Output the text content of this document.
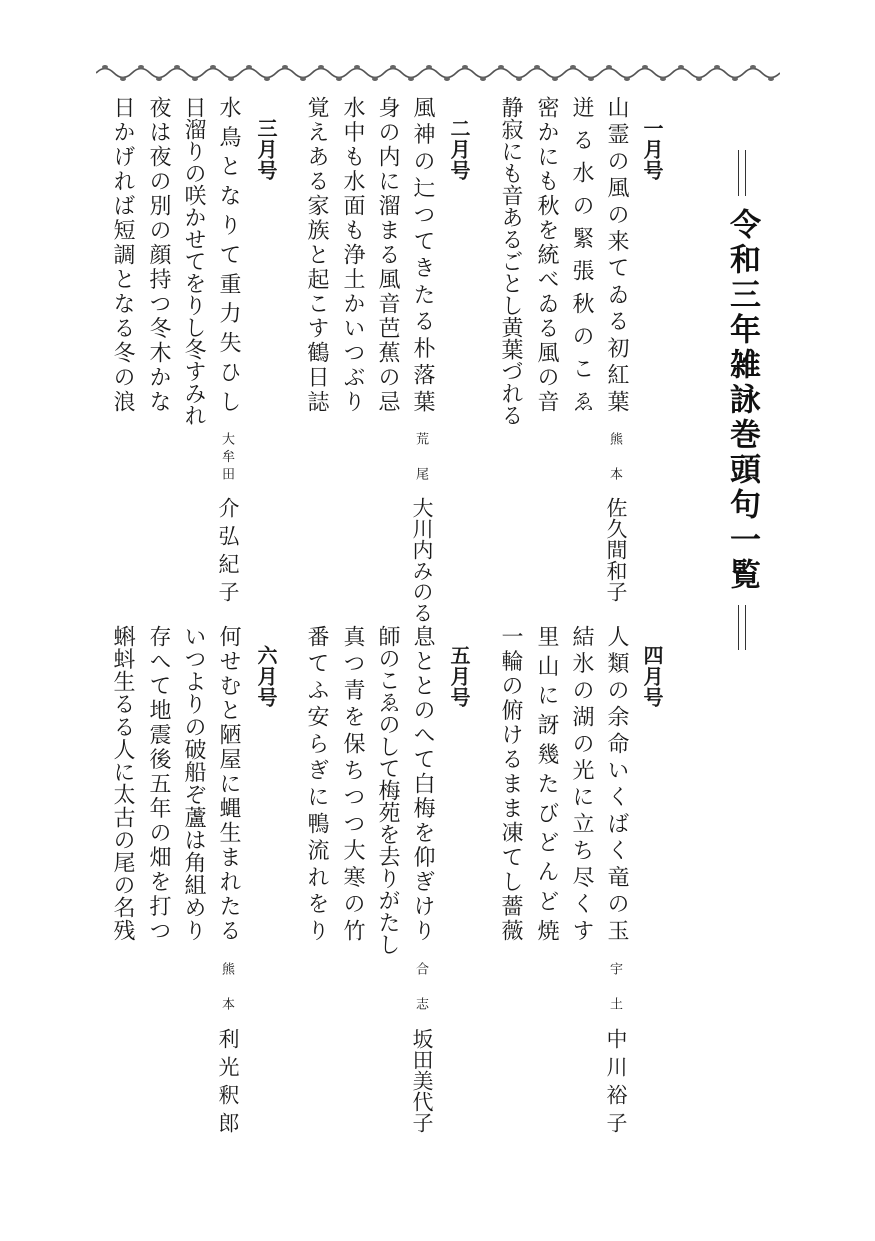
令和三年雑詠巻頭句一覧
一月号
山霊の風の来てゐる初紅葉
迸る水の緊張秋のこゑ
密かにも秋を統べゐる風の音
静寂にも音あるごとし黄葉づれる
熊本
佐久間和子
二月号
風神の辷つてきたる朴落葉
身の内に溜まる風音芭蕉の忌
水中も水面も浄土かいつぶり
覚えある家族と起こす鶴日誌
荒尾
大川内みのる
三月号
水鳥となりて重力失ひし
日溜りの咲かせてをりし冬すみれ
夜は夜の別の顔持つ冬木かな
日かげれば短調となる冬の浪
大牟田
介弘紀子
四月号
人類の余命いくばく竜の玉
結氷の湖の光に立ち尽くす
里山に訝幾たびどんど焼
一輪の俯けるまま凍てし薔薇
宇土
中川裕子
五月号
息ととのへて白梅を仰ぎけり
師のこゑのして梅苑を去りがたし
真つ青を保ちつつ大寒の竹
番てふ安らぎに鴨流れをり
合志
坂田美代子
六月号
何せむと陋屋に蝿生まれたる
いつよりの破船ぞ蘆は角組めり
存へて地震後五年の畑を打つ
蝌蚪生るる人に太古の尾の名残
熊本
利光釈郎
